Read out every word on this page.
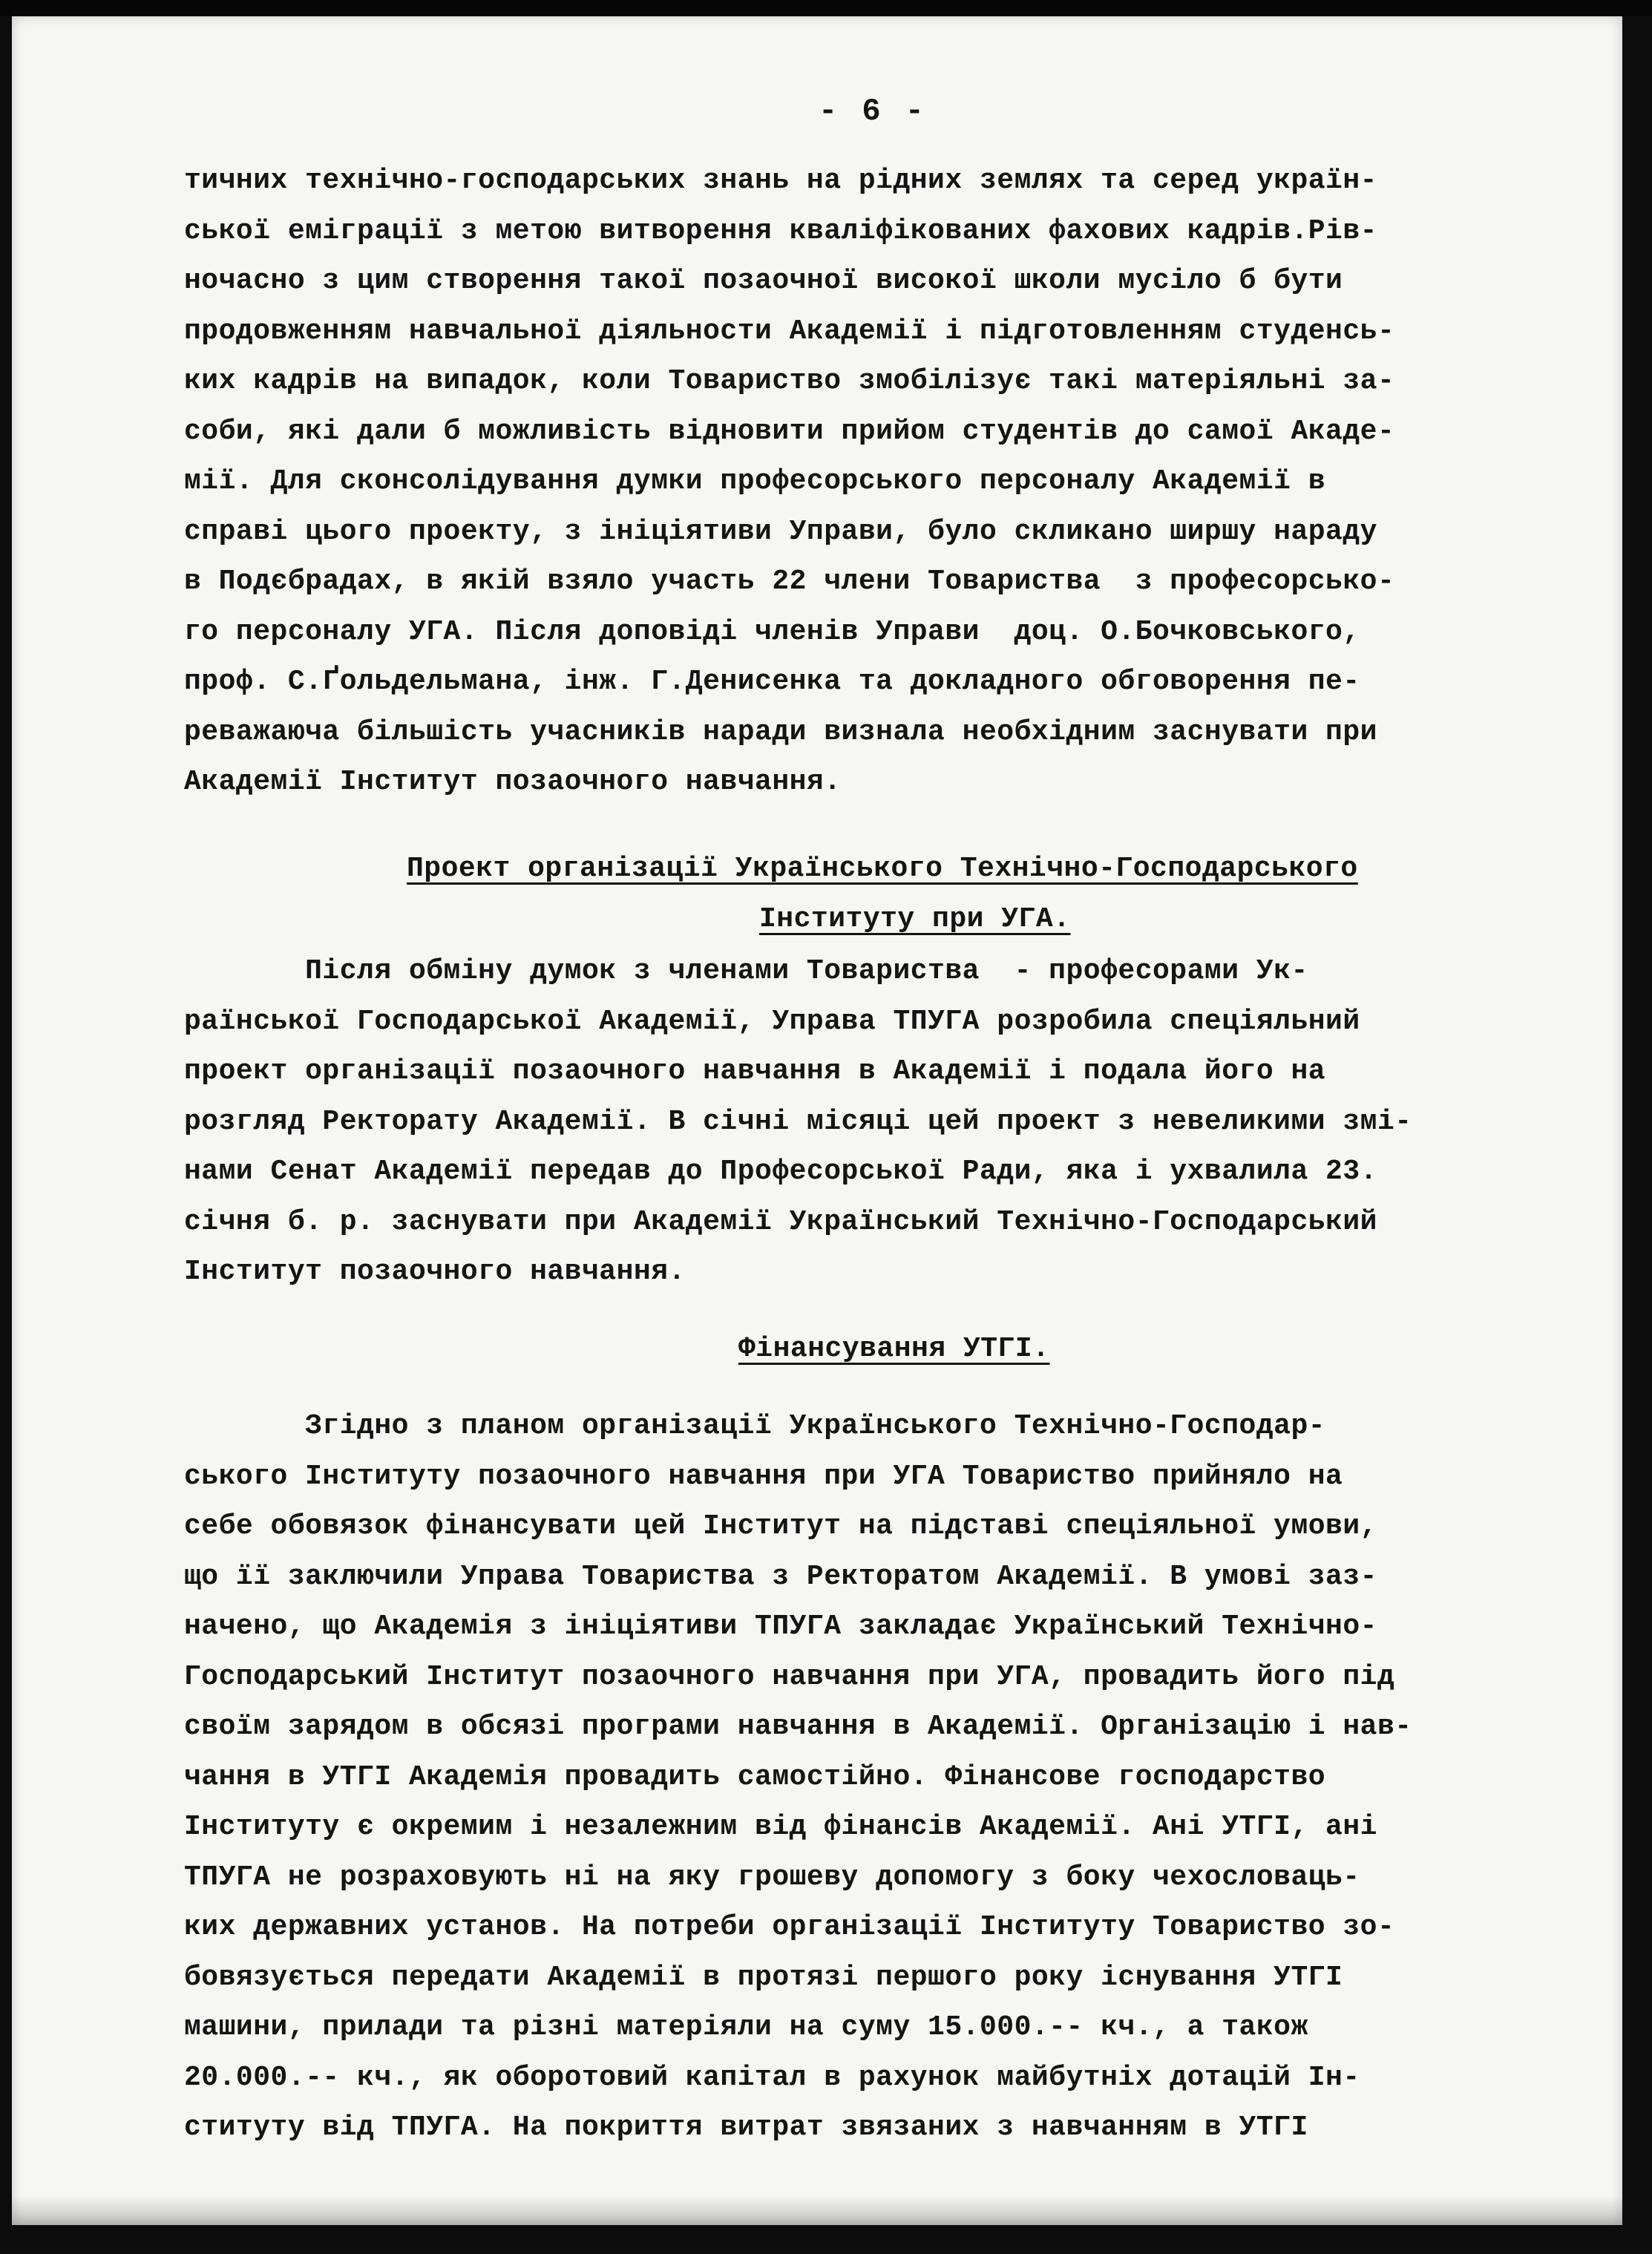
- 6 -
тичних технічно-господарських знань на рідних землях та серед україн-
ської еміграції з метою витворення кваліфікованих фахових кадрів.Рів-
ночасно з цим створення такої позаочної високої школи мусіло б бути
продовженням навчальної діяльности Академії і підготовленням студенсь-
ких кадрів на випадок, коли Товариство змобілізує такі матеріяльні за-
соби, які дали б можливість відновити прийом студентів до самої Акаде-
мії. Для сконсолідування думки професорського персоналу Академії в
справі цього проекту, з ініціятиви Управи, було скликано ширшу нараду
в Подєбрадах, в якій взяло участь 22 члени Товариства  з професорсько-
го персоналу УГА. Після доповіді членів Управи  доц. О.Бочковського,
проф. С.Ґольдельмана, інж. Г.Денисенка та докладного обговорення пе-
реважаюча більшість учасників наради визнала необхідним заснувати при
Академії Інститут позаочного навчання.
Проект організації Українського Технічно-Господарського
Інституту при УГА.
Після обміну думок з членами Товариства  - професорами Ук-
раїнської Господарської Академії, Управа ТПУГА розробила спеціяльний
проект організації позаочного навчання в Академії і подала його на
розгляд Ректорату Академії. В січні місяці цей проект з невеликими змі-
нами Сенат Академії передав до Професорської Ради, яка і ухвалила 23.
січня б. р. заснувати при Академії Український Технічно-Господарський
Інститут позаочного навчання.
Фінансування УТГІ.
Згідно з планом організації Українського Технічно-Господар-
ського Інституту позаочного навчання при УГА Товариство прийняло на
себе обовязок фінансувати цей Інститут на підставі спеціяльної умови,
що її заключили Управа Товариства з Ректоратом Академії. В умові заз-
начено, що Академія з ініціятиви ТПУГА закладає Український Технічно-
Господарський Інститут позаочного навчання при УГА, провадить його під
своїм зарядом в обсязі програми навчання в Академії. Організацію і нав-
чання в УТГІ Академія провадить самостійно. Фінансове господарство
Інституту є окремим і незалежним від фінансів Академії. Ані УТГІ, ані
ТПУГА не розраховують ні на яку грошеву допомогу з боку чехословаць-
ких державних установ. На потреби організації Інституту Товариство зо-
бовязується передати Академії в протязі першого року існування УТГІ
машини, прилади та різні матеріяли на суму 15.000.-- кч., а також
20.000.-- кч., як оборотовий капітал в рахунок майбутніх дотацій Ін-
ституту від ТПУГА. На покриття витрат звязаних з навчанням в УТГІ
